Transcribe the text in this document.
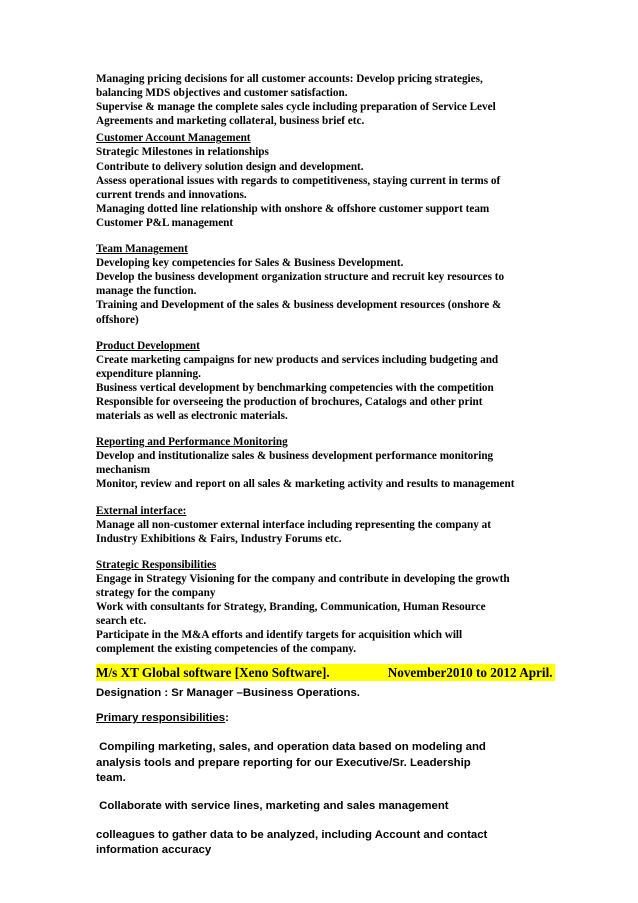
Managing pricing decisions for all customer accounts: Develop pricing strategies,

balancing MDS objectives and customer satisfaction.

Supervise & manage the complete sales cycle including preparation of Service Level

Agreements and marketing collateral, business brief etc.

Customer Account Management

Strategic Milestones in relationships

Contribute to delivery solution design and development.

Assess operational issues with regards to competitiveness, staying current in terms of

current trends and innovations.

Managing dotted line relationship with onshore & offshore customer support team

Customer P&L management

Team Management

Developing key competencies for Sales & Business Development.

Develop the business development organization structure and recruit key resources to

manage the function.

Training and Development of the sales & business development resources (onshore &

offshore)

Product Development

Create marketing campaigns for new products and services including budgeting and

expenditure planning.

Business vertical development by benchmarking competencies with the competition

Responsible for overseeing the production of brochures, Catalogs and other print

materials as well as electronic materials.

Reporting and Performance Monitoring

Develop and institutionalize sales & business development performance monitoring

mechanism

Monitor, review and report on all sales & marketing activity and results to management

External interface:

Manage all non-customer external interface including representing the company at

Industry Exhibitions & Fairs, Industry Forums etc.

Strategic Responsibilities

Engage in Strategy Visioning for the company and contribute in developing the growth

strategy for the company

Work with consultants for Strategy, Branding, Communication, Human Resource

search etc.

Participate in the M&A efforts and identify targets for acquisition which will

complement the existing competencies of the company.

M/s XT Global software [Xeno Software].	November2010 to 2012 April.
Designation : Sr Manager –Business Operations.
Primary responsibilities:

Compiling marketing, sales, and operation data based on modeling and

analysis tools and prepare reporting for our Executive/Sr. Leadership

team.

Collaborate with service lines, marketing and sales management

colleagues to gather data to be analyzed, including Account and contact

information accuracy
